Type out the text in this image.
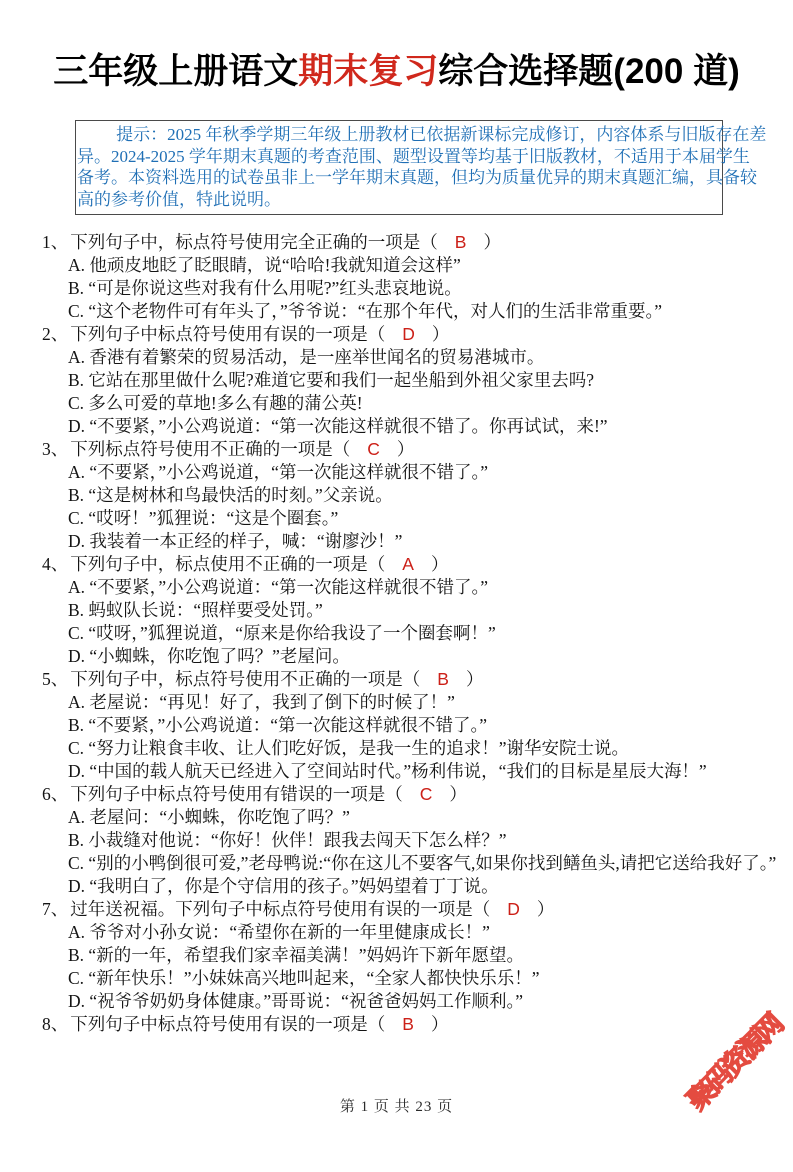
三年级上册语文期末复习综合选择题(200 道)
提示：2025 年秋季学期三年级上册教材已依据新课标完成修订，内容体系与旧版存在差
异。2024-2025 学年期末真题的考查范围、题型设置等均基于旧版教材，不适用于本届学生
备考。本资料选用的试卷虽非上一学年期末真题，但均为质量优异的期末真题汇编，具备较
高的参考价值，特此说明。
1、 下列句子中，标点符号使用完全正确的一项是（ B ）
A. 他顽皮地眨了眨眼睛，说“哈哈!我就知道会这样”
B. “可是你说这些对我有什么用呢?”红头悲哀地说。
C. “这个老物件可有年头了，”爷爷说：“在那个年代，对人们的生活非常重要。”
2、 下列句子中标点符号使用有误的一项是（ D ）
A. 香港有着繁荣的贸易活动，是一座举世闻名的贸易港城市。
B. 它站在那里做什么呢?难道它要和我们一起坐船到外祖父家里去吗?
C. 多么可爱的草地!多么有趣的蒲公英!
D. “不要紧，”小公鸡说道：“第一次能这样就很不错了。你再试试，来!”
3、 下列标点符号使用不正确的一项是（ C ）
A. “不要紧，”小公鸡说道，“第一次能这样就很不错了。”
B. “这是树林和鸟最快活的时刻。”父亲说。
C. “哎呀！”狐狸说：“这是个圈套。”
D. 我装着一本正经的样子，喊：“谢廖沙！”
4、 下列句子中，标点使用不正确的一项是（ A ）
A. “不要紧，”小公鸡说道：“第一次能这样就很不错了。”
B. 蚂蚁队长说：“照样要受处罚。”
C. “哎呀，”狐狸说道，“原来是你给我设了一个圈套啊！”
D. “小蜘蛛，你吃饱了吗？”老屋问。
5、 下列句子中，标点符号使用不正确的一项是（ B ）
A. 老屋说：“再见！好了，我到了倒下的时候了！”
B. “不要紧，”小公鸡说道：“第一次能这样就很不错了。”
C. “努力让粮食丰收、让人们吃好饭，是我一生的追求！”谢华安院士说。
D. “中国的载人航天已经进入了空间站时代。”杨利伟说，“我们的目标是星辰大海！”
6、 下列句子中标点符号使用有错误的一项是（ C ）
A. 老屋问：“小蜘蛛，你吃饱了吗？”
B. 小裁缝对他说：“你好！伙伴！跟我去闯天下怎么样？”
C. “别的小鸭倒很可爱,”老母鸭说:“你在这儿不要客气,如果你找到鳝鱼头,请把它送给我好了。”
D. “我明白了，你是个守信用的孩子。”妈妈望着丁丁说。
7、 过年送祝福。下列句子中标点符号使用有误的一项是（ D ）
A. 爷爷对小孙女说：“希望你在新的一年里健康成长！”
B. “新的一年，希望我们家幸福美满！”妈妈许下新年愿望。
C. “新年快乐！”小妹妹高兴地叫起来，“全家人都快快乐乐！”
D. “祝爷爷奶奶身体健康。”哥哥说：“祝爸爸妈妈工作顺利。”
8、 下列句子中标点符号使用有误的一项是（ B ）
第 1 页 共 23 页	聚码资源网
